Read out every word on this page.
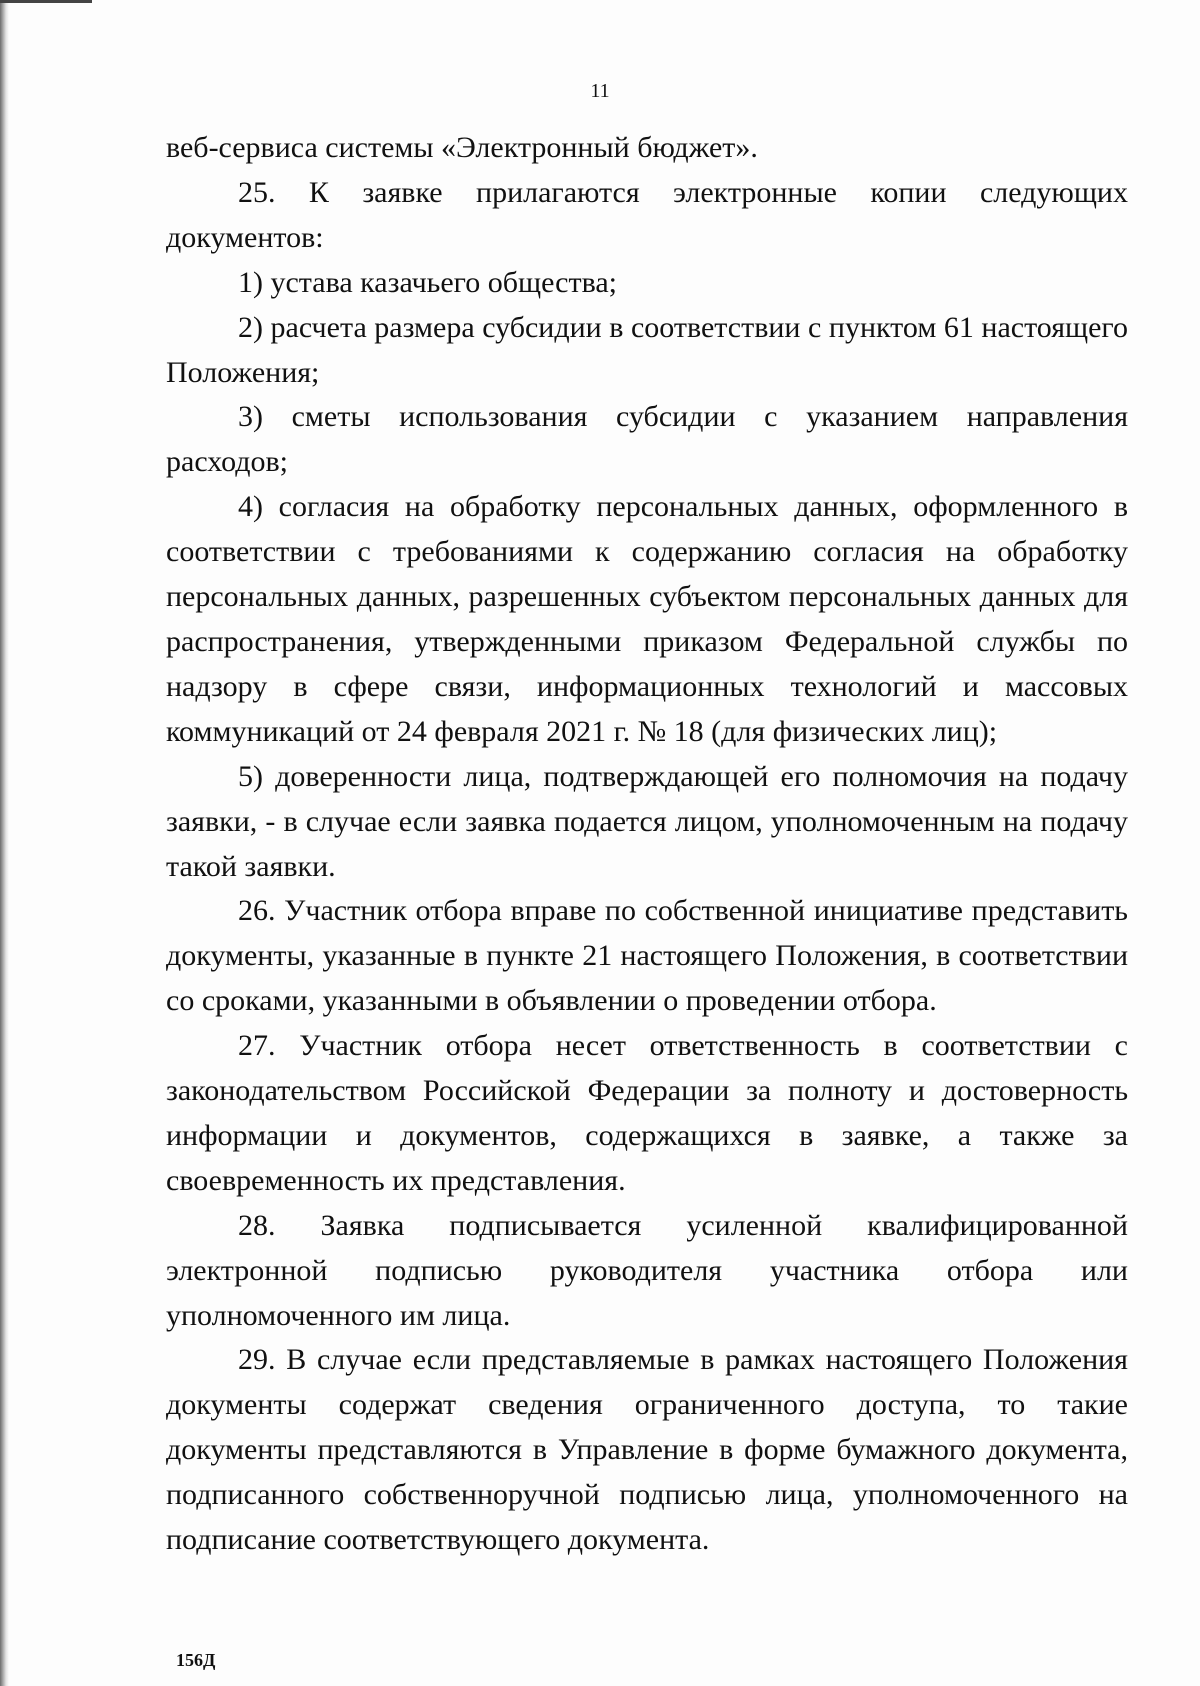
11

веб-сервиса системы «Электронный бюджет».

25. К заявке прилагаются электронные копии следующих документов:

1) устава казачьего общества;

2) расчета размера субсидии в соответствии с пунктом 61 настоящего Положения;

3) сметы использования субсидии с указанием направления расходов;

4) согласия на обработку персональных данных, оформленного в соответствии с требованиями к содержанию согласия на обработку персональных данных, разрешенных субъектом персональных данных для распространения, утвержденными приказом Федеральной службы по надзору в сфере связи, информационных технологий и массовых коммуникаций от 24 февраля 2021 г. № 18 (для физических лиц);

5) доверенности лица, подтверждающей его полномочия на подачу заявки, - в случае если заявка подается лицом, уполномоченным на подачу такой заявки.

26. Участник отбора вправе по собственной инициативе представить документы, указанные в пункте 21 настоящего Положения, в соответствии со сроками, указанными в объявлении о проведении отбора.

27. Участник отбора несет ответственность в соответствии с законодательством Российской Федерации за полноту и достоверность информации и документов, содержащихся в заявке, а также за своевременность их представления.

28. Заявка подписывается усиленной квалифицированной электронной подписью руководителя участника отбора или уполномоченного им лица.

29. В случае если представляемые в рамках настоящего Положения документы содержат сведения ограниченного доступа, то такие документы представляются в Управление в форме бумажного документа, подписанного собственноручной подписью лица, уполномоченного на подписание соответствующего документа.

156Д
